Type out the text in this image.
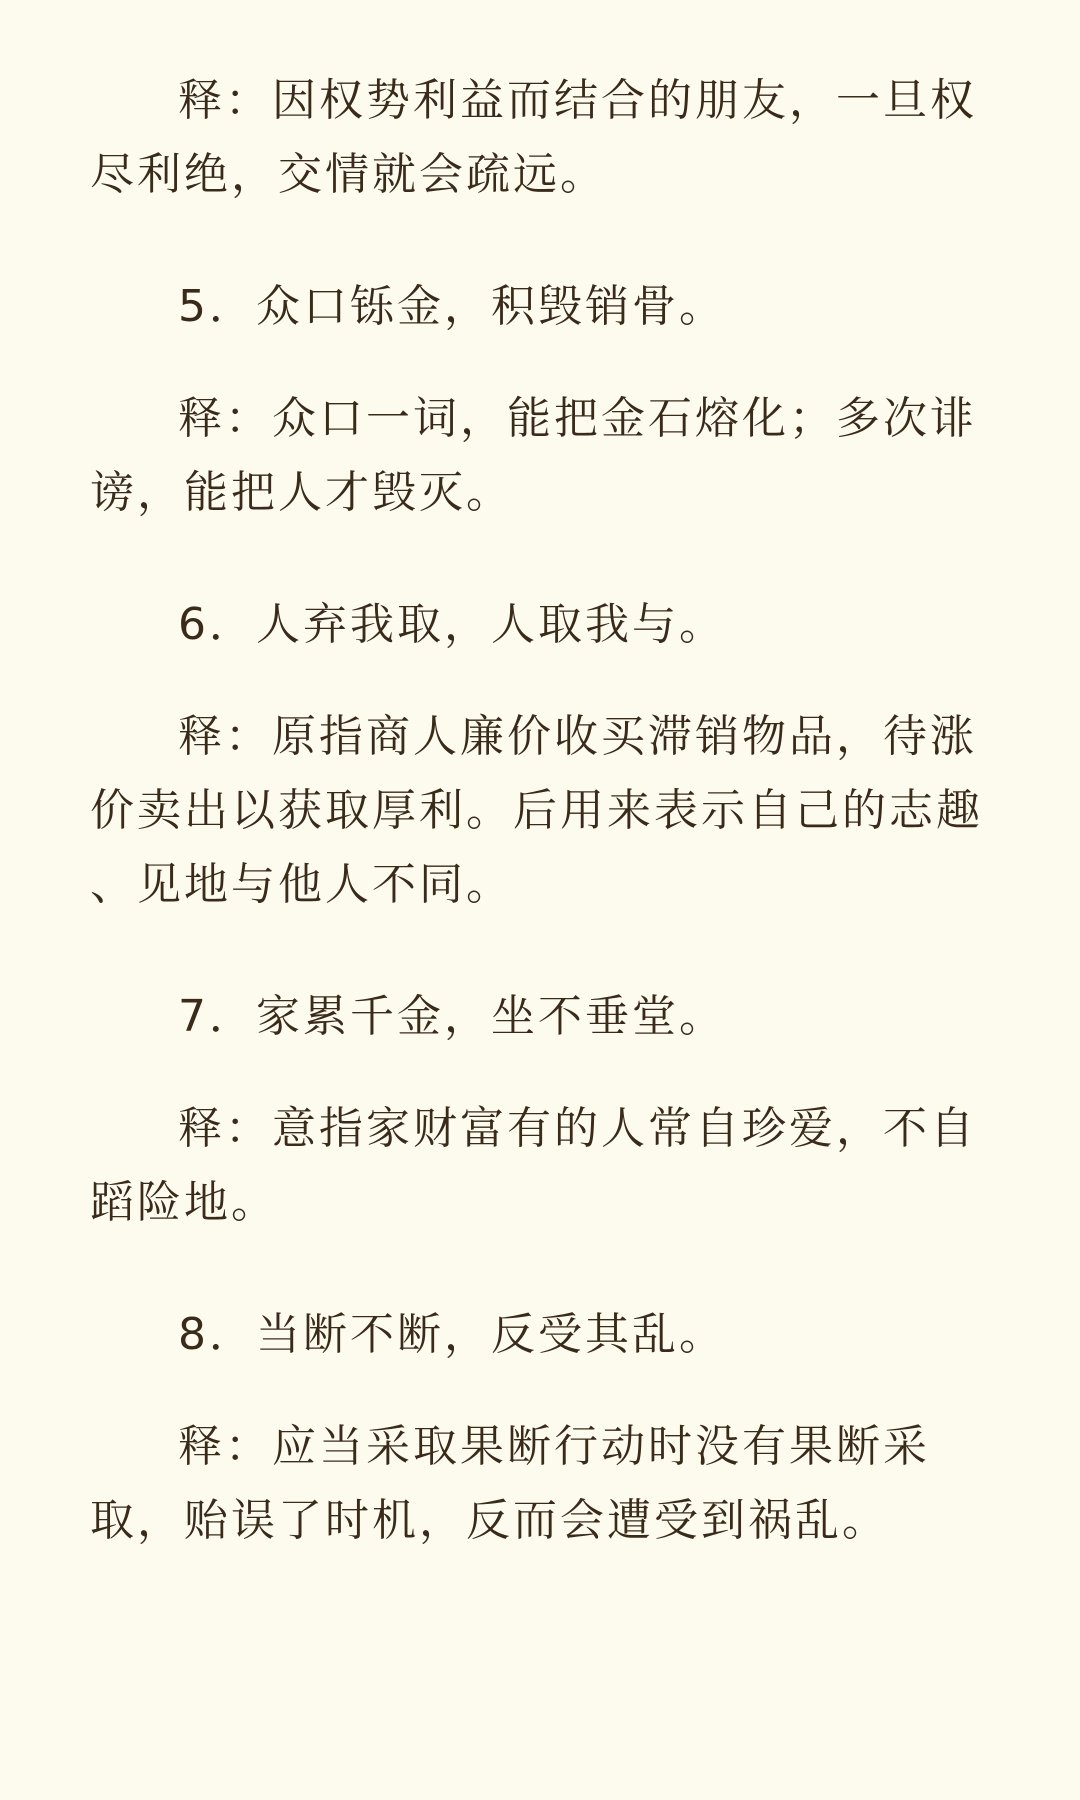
释：因权势利益而结合的朋友，一旦权尽利绝，交情就会疏远。

5．众口铄金，积毁销骨。

释：众口一词，能把金石熔化；多次诽谤，能把人才毁灭。

6．人弃我取，人取我与。

释：原指商人廉价收买滞销物品，待涨价卖出以获取厚利。后用来表示自己的志趣 、见地与他人不同。

7．家累千金，坐不垂堂。

释：意指家财富有的人常自珍爱，不自蹈险地。

8．当断不断，反受其乱。

释：应当采取果断行动时没有果断采取，贻误了时机，反而会遭受到祸乱。
